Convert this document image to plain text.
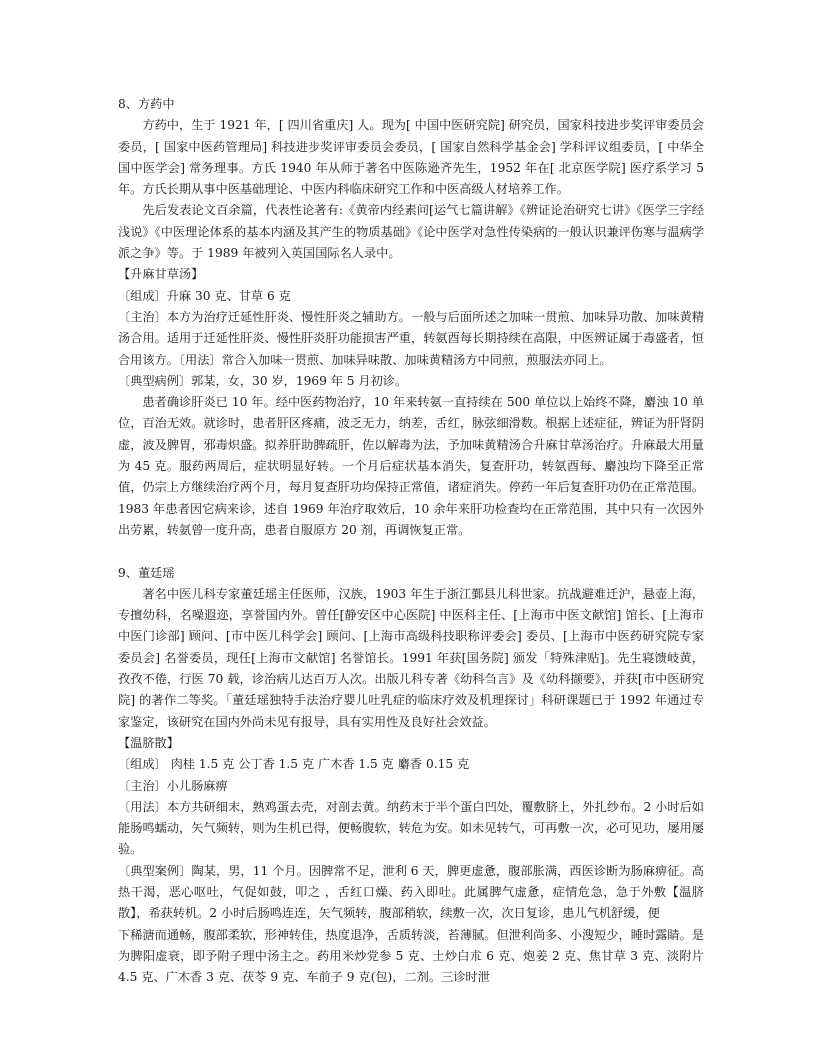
8、方药中

方药中，生于 1921 年，[ 四川省重庆] 人。现为[ 中国中医研究院] 研究员，国家科技进步奖评审委员会委员，[ 国家中医药管理局] 科技进步奖评审委员会委员，[ 国家自然科学基金会] 学科评议组委员，[ 中华全国中医学会] 常务理事。方氏 1940 年从师于著名中医陈逊齐先生，1952 年在[ 北京医学院] 医疗系学习 5 年。方氏长期从事中医基础理论、中医内科临床研究工作和中医高级人材培养工作。

先后发表论文百余篇，代表性论著有:《黄帝内经素问[运气七篇讲解》《辨证论治研究七讲》《医学三字经浅说》《中医理论体系的基本内涵及其产生的物质基础》《论中医学对急性传染病的一般认识兼评伤寒与温病学派之争》等。于 1989 年被列入英国国际名人录中。

【升麻甘草汤】
〔组成〕升麻 30 克、甘草 6 克

〔主治〕本方为治疗迁延性肝炎、慢性肝炎之辅助方。一般与后面所述之加味一贯煎、加味异功散、加味黄精汤合用。适用于迁延性肝炎、慢性肝炎肝功能损害严重，转氨酉每长期持续在高限，中医辨证属于毒盛者，恒合用该方。〔用法〕常合入加味一贯煎、加味异味散、加味黄精汤方中同煎，煎服法亦同上。

〔典型病例〕郭某，女，30 岁，1969 年 5 月初诊。

患者确诊肝炎已 10 年。经中医药物治疗，10 年来转氨一直持续在 500 单位以上始终不降，麝浊 10 单位，百治无效。就诊时，患者肝区疼痛，波乏无力，纳差，舌红，脉弦细滑数。根据上述症征，辨证为肝肾阴虚，波及脾胃，邪毒炽盛。拟养肝助脾疏肝，佐以解毒为法，予加味黄精汤合升麻甘草汤治疗。升麻最大用量为 45 克。服药两周后，症状明显好转。一个月后症状基本消失，复查肝功，转氨酉每、麝浊均下降至正常值，仍宗上方继续治疗两个月，每月复查肝功均保持正常值，诸症消失。停药一年后复查肝功仍在正常范围。1983 年患者因它病来诊，述自 1969 年治疗取效后，10 余年来肝功检查均在正常范围，其中只有一次因外出劳累，转氨曾一度升高，患者自服原方 20 剂，再调恢复正常。

9、董廷瑶

著名中医儿科专家董廷瑶主任医师，汉族，1903 年生于浙江鄞县儿科世家。抗战避难迁沪，悬壶上海，专擅幼科，名噪遐迩，享誉国内外。曾任[静安区中心医院] 中医科主任、[上海市中医文献馆] 馆长、[上海市中医门诊部] 顾问、[市中医儿科学会] 顾问、[上海市高级科技职称评委会] 委员、[上海市中医药研究院专家委员会] 名誉委员，现任[上海市文献馆] 名誉馆长。1991 年获[国务院] 颁发「特殊津贴]。先生寝馈岐黄，孜孜不倦，行医 70 载，诊治病儿达百万人次。出版儿科专著《幼科刍言》及《幼科撷要》，并获[市中医研究院] 的著作二等奖。「董廷瑶独特手法治疗婴儿吐乳症的临床疗效及机理探讨」科研课题已于 1992 年通过专家鉴定，该研究在国内外尚未见有报导，具有实用性及良好社会效益。

【温脐散】
〔组成〕 肉桂 1.5 克 公丁香 1.5 克 广木香 1.5 克 麝香 0.15 克
〔主治〕小儿肠麻痹

〔用法〕本方共研细末，熟鸡蛋去壳，对剖去黄。纳药末于半个蛋白凹处，覆敷脐上，外扎纱布。2 小时后如能肠鸣蠕动，矢气频转，则为生机已得，便畅腹软，转危为安。如未见转气，可再敷一次，必可见功，屡用屡验。

〔典型案例〕陶某，男，11 个月。因脾常不足，泄利 6 天，脾更虚惫，腹部胀满，西医诊断为肠麻痹征。高热干渴，恶心呕吐，气促如鼓，叩之 ，舌红口燥、药入即吐。此属脾气虚惫，症情危急，急于外敷【温脐散】，希获转机。2 小时后肠鸣连连，矢气频转，腹部稍软，续敷一次，次日复诊，患儿气机舒缓，便

下稀溏而通畅，腹部柔软，形神转佳，热度退净，舌质转淡，苔薄腻。但泄利尚多、小溲短少，睡时露睛。是为脾阳虚衰，即予附子理中汤主之。药用米炒党参 5 克、土炒白朮 6 克、炮姜 2 克、焦甘草 3 克、淡附片 4.5 克、广木香 3 克、茯苓 9 克、车前子 9 克(包)，二剂。三诊时泄
